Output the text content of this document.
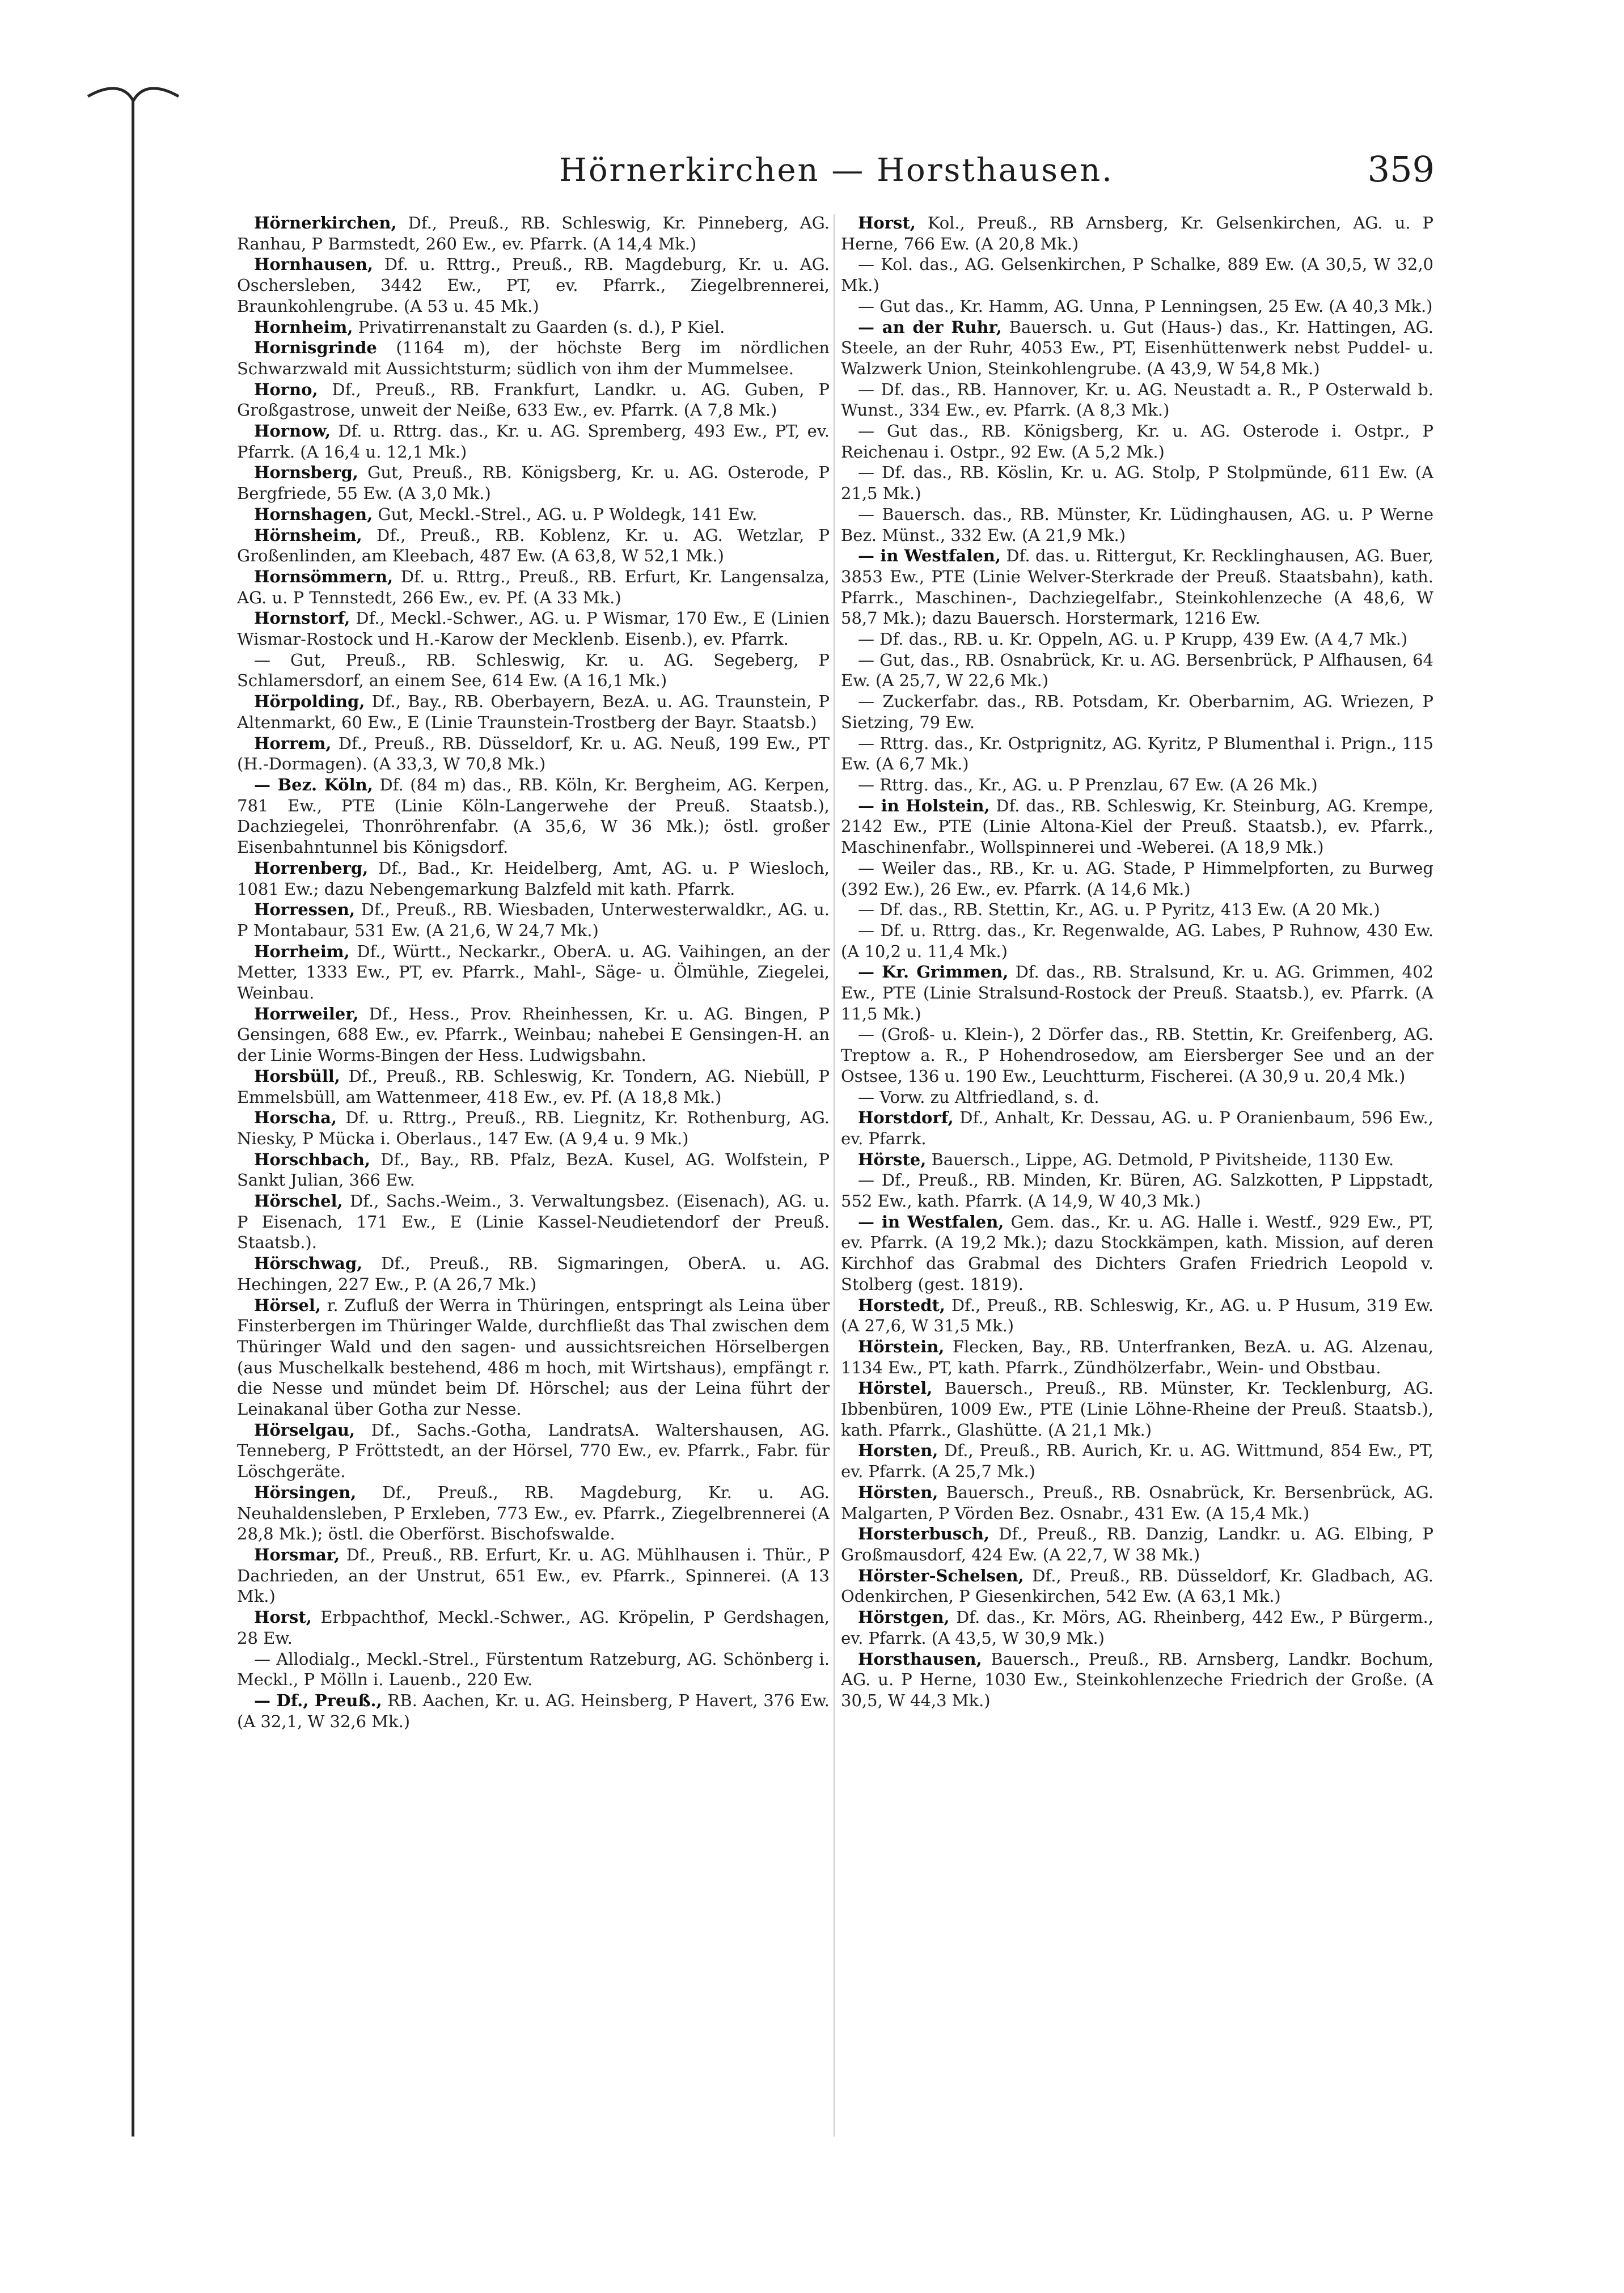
Hörnerkirchen — Horsthausen.	359

Hörnerkirchen, Df., Preuß., RB. Schleswig, Kr. Pinneberg, AG. Ranhau, P Barmstedt, 260 Ew., ev. Pfarrk. (A 14,4 Mk.)

Hornhausen, Df. u. Rttrg., Preuß., RB. Magdeburg, Kr. u. AG. Oschersleben, 3442 Ew., PT, ev. Pfarrk., Ziegelbrennerei, Braunkohlengrube. (A 53 u. 45 Mk.)

Hornheim, Privatirrenanstalt zu Gaarden (s. d.), P Kiel.

Hornisgrinde (1164 m), der höchste Berg im nördlichen Schwarzwald mit Aussichtsturm; südlich von ihm der Mummelsee.

Horno, Df., Preuß., RB. Frankfurt, Landkr. u. AG. Guben, P Großgastrose, unweit der Neiße, 633 Ew., ev. Pfarrk. (A 7,8 Mk.)

Hornow, Df. u. Rttrg. das., Kr. u. AG. Spremberg, 493 Ew., PT, ev. Pfarrk. (A 16,4 u. 12,1 Mk.)

Hornsberg, Gut, Preuß., RB. Königsberg, Kr. u. AG. Osterode, P Bergfriede, 55 Ew. (A 3,0 Mk.)

Hornshagen, Gut, Meckl.-Strel., AG. u. P Woldegk, 141 Ew.

Hörnsheim, Df., Preuß., RB. Koblenz, Kr. u. AG. Wetzlar, P Großenlinden, am Kleebach, 487 Ew. (A 63,8, W 52,1 Mk.)

Hornsömmern, Df. u. Rttrg., Preuß., RB. Erfurt, Kr. Langensalza, AG. u. P Tennstedt, 266 Ew., ev. Pf. (A 33 Mk.)

Hornstorf, Df., Meckl.-Schwer., AG. u. P Wismar, 170 Ew., E (Linien Wismar-Rostock und H.-Karow der Mecklenb. Eisenb.), ev. Pfarrk.

— Gut, Preuß., RB. Schleswig, Kr. u. AG. Segeberg, P Schlamersdorf, an einem See, 614 Ew. (A 16,1 Mk.)

Hörpolding, Df., Bay., RB. Oberbayern, BezA. u. AG. Traunstein, P Altenmarkt, 60 Ew., E (Linie Traunstein-Trostberg der Bayr. Staatsb.)

Horrem, Df., Preuß., RB. Düsseldorf, Kr. u. AG. Neuß, 199 Ew., PT (H.-Dormagen). (A 33,3, W 70,8 Mk.)

— Bez. Köln, Df. (84 m) das., RB. Köln, Kr. Bergheim, AG. Kerpen, 781 Ew., PTE (Linie Köln-Langerwehe der Preuß. Staatsb.), Dachziegelei, Thonröhrenfabr. (A 35,6, W 36 Mk.); östl. großer Eisenbahntunnel bis Königsdorf.

Horrenberg, Df., Bad., Kr. Heidelberg, Amt, AG. u. P Wiesloch, 1081 Ew.; dazu Nebengemarkung Balzfeld mit kath. Pfarrk.

Horressen, Df., Preuß., RB. Wiesbaden, Unterwesterwaldkr., AG. u. P Montabaur, 531 Ew. (A 21,6, W 24,7 Mk.)

Horrheim, Df., Württ., Neckarkr., OberA. u. AG. Vaihingen, an der Metter, 1333 Ew., PT, ev. Pfarrk., Mahl-, Säge- u. Ölmühle, Ziegelei, Weinbau.

Horrweiler, Df., Hess., Prov. Rheinhessen, Kr. u. AG. Bingen, P Gensingen, 688 Ew., ev. Pfarrk., Weinbau; nahebei E Gensingen-H. an der Linie Worms-Bingen der Hess. Ludwigsbahn.

Horsbüll, Df., Preuß., RB. Schleswig, Kr. Tondern, AG. Niebüll, P Emmelsbüll, am Wattenmeer, 418 Ew., ev. Pf. (A 18,8 Mk.)

Horscha, Df. u. Rttrg., Preuß., RB. Liegnitz, Kr. Rothenburg, AG. Niesky, P Mücka i. Oberlaus., 147 Ew. (A 9,4 u. 9 Mk.)

Horschbach, Df., Bay., RB. Pfalz, BezA. Kusel, AG. Wolfstein, P Sankt Julian, 366 Ew.

Hörschel, Df., Sachs.-Weim., 3. Verwaltungsbez. (Eisenach), AG. u. P Eisenach, 171 Ew., E (Linie Kassel-Neudietendorf der Preuß. Staatsb.).

Hörschwag, Df., Preuß., RB. Sigmaringen, OberA. u. AG. Hechingen, 227 Ew., P. (A 26,7 Mk.)

Hörsel, r. Zufluß der Werra in Thüringen, entspringt als Leina über Finsterbergen im Thüringer Walde, durchfließt das Thal zwischen dem Thüringer Wald und den sagen- und aussichtsreichen Hörselbergen (aus Muschelkalk bestehend, 486 m hoch, mit Wirtshaus), empfängt r. die Nesse und mündet beim Df. Hörschel; aus der Leina führt der Leinakanal über Gotha zur Nesse.

Hörselgau, Df., Sachs.-Gotha, LandratsA. Waltershausen, AG. Tenneberg, P Fröttstedt, an der Hörsel, 770 Ew., ev. Pfarrk., Fabr. für Löschgeräte.

Hörsingen, Df., Preuß., RB. Magdeburg, Kr. u. AG. Neuhaldensleben, P Erxleben, 773 Ew., ev. Pfarrk., Ziegelbrennerei (A 28,8 Mk.); östl. die Oberförst. Bischofswalde.

Horsmar, Df., Preuß., RB. Erfurt, Kr. u. AG. Mühlhausen i. Thür., P Dachrieden, an der Unstrut, 651 Ew., ev. Pfarrk., Spinnerei. (A 13 Mk.)

Horst, Erbpachthof, Meckl.-Schwer., AG. Kröpelin, P Gerdshagen, 28 Ew.

— Allodialg., Meckl.-Strel., Fürstentum Ratzeburg, AG. Schönberg i. Meckl., P Mölln i. Lauenb., 220 Ew.

— Df., Preuß., RB. Aachen, Kr. u. AG. Heinsberg, P Havert, 376 Ew. (A 32,1, W 32,6 Mk.)

Horst, Kol., Preuß., RB Arnsberg, Kr. Gelsenkirchen, AG. u. P Herne, 766 Ew. (A 20,8 Mk.)

— Kol. das., AG. Gelsenkirchen, P Schalke, 889 Ew. (A 30,5, W 32,0 Mk.)

— Gut das., Kr. Hamm, AG. Unna, P Lenningsen, 25 Ew. (A 40,3 Mk.)

— an der Ruhr, Bauersch. u. Gut (Haus-) das., Kr. Hattingen, AG. Steele, an der Ruhr, 4053 Ew., PT, Eisenhüttenwerk nebst Puddel- u. Walzwerk Union, Steinkohlengrube. (A 43,9, W 54,8 Mk.)

— Df. das., RB. Hannover, Kr. u. AG. Neustadt a. R., P Osterwald b. Wunst., 334 Ew., ev. Pfarrk. (A 8,3 Mk.)

— Gut das., RB. Königsberg, Kr. u. AG. Osterode i. Ostpr., P Reichenau i. Ostpr., 92 Ew. (A 5,2 Mk.)

— Df. das., RB. Köslin, Kr. u. AG. Stolp, P Stolpmünde, 611 Ew. (A 21,5 Mk.)

— Bauersch. das., RB. Münster, Kr. Lüdinghausen, AG. u. P Werne Bez. Münst., 332 Ew. (A 21,9 Mk.)

— in Westfalen, Df. das. u. Rittergut, Kr. Recklinghausen, AG. Buer, 3853 Ew., PTE (Linie Welver-Sterkrade der Preuß. Staatsbahn), kath. Pfarrk., Maschinen-, Dachziegelfabr., Steinkohlenzeche (A 48,6, W 58,7 Mk.); dazu Bauersch. Horstermark, 1216 Ew.

— Df. das., RB. u. Kr. Oppeln, AG. u. P Krupp, 439 Ew. (A 4,7 Mk.)

— Gut, das., RB. Osnabrück, Kr. u. AG. Bersenbrück, P Alfhausen, 64 Ew. (A 25,7, W 22,6 Mk.)

— Zuckerfabr. das., RB. Potsdam, Kr. Oberbarnim, AG. Wriezen, P Sietzing, 79 Ew.

— Rttrg. das., Kr. Ostprignitz, AG. Kyritz, P Blumenthal i. Prign., 115 Ew. (A 6,7 Mk.)

— Rttrg. das., Kr., AG. u. P Prenzlau, 67 Ew. (A 26 Mk.)

— in Holstein, Df. das., RB. Schleswig, Kr. Steinburg, AG. Krempe, 2142 Ew., PTE (Linie Altona-Kiel der Preuß. Staatsb.), ev. Pfarrk., Maschinenfabr., Wollspinnerei und -Weberei. (A 18,9 Mk.)

— Weiler das., RB., Kr. u. AG. Stade, P Himmelpforten, zu Burweg (392 Ew.), 26 Ew., ev. Pfarrk. (A 14,6 Mk.)

— Df. das., RB. Stettin, Kr., AG. u. P Pyritz, 413 Ew. (A 20 Mk.)

— Df. u. Rttrg. das., Kr. Regenwalde, AG. Labes, P Ruhnow, 430 Ew. (A 10,2 u. 11,4 Mk.)

— Kr. Grimmen, Df. das., RB. Stralsund, Kr. u. AG. Grimmen, 402 Ew., PTE (Linie Stralsund-Rostock der Preuß. Staatsb.), ev. Pfarrk. (A 11,5 Mk.)

— (Groß- u. Klein-), 2 Dörfer das., RB. Stettin, Kr. Greifenberg, AG. Treptow a. R., P Hohendrosedow, am Eiersberger See und an der Ostsee, 136 u. 190 Ew., Leuchtturm, Fischerei. (A 30,9 u. 20,4 Mk.)

— Vorw. zu Altfriedland, s. d.

Horstdorf, Df., Anhalt, Kr. Dessau, AG. u. P Oranienbaum, 596 Ew., ev. Pfarrk.

Hörste, Bauersch., Lippe, AG. Detmold, P Pivitsheide, 1130 Ew.

— Df., Preuß., RB. Minden, Kr. Büren, AG. Salzkotten, P Lippstadt, 552 Ew., kath. Pfarrk. (A 14,9, W 40,3 Mk.)

— in Westfalen, Gem. das., Kr. u. AG. Halle i. Westf., 929 Ew., PT, ev. Pfarrk. (A 19,2 Mk.); dazu Stockkämpen, kath. Mission, auf deren Kirchhof das Grabmal des Dichters Grafen Friedrich Leopold v. Stolberg (gest. 1819).

Horstedt, Df., Preuß., RB. Schleswig, Kr., AG. u. P Husum, 319 Ew. (A 27,6, W 31,5 Mk.)

Hörstein, Flecken, Bay., RB. Unterfranken, BezA. u. AG. Alzenau, 1134 Ew., PT, kath. Pfarrk., Zündhölzerfabr., Wein- und Obstbau.

Hörstel, Bauersch., Preuß., RB. Münster, Kr. Tecklenburg, AG. Ibbenbüren, 1009 Ew., PTE (Linie Löhne-Rheine der Preuß. Staatsb.), kath. Pfarrk., Glashütte. (A 21,1 Mk.)

Horsten, Df., Preuß., RB. Aurich, Kr. u. AG. Wittmund, 854 Ew., PT, ev. Pfarrk. (A 25,7 Mk.)

Hörsten, Bauersch., Preuß., RB. Osnabrück, Kr. Bersenbrück, AG. Malgarten, P Vörden Bez. Osnabr., 431 Ew. (A 15,4 Mk.)

Horsterbusch, Df., Preuß., RB. Danzig, Landkr. u. AG. Elbing, P Großmausdorf, 424 Ew. (A 22,7, W 38 Mk.)

Hörster-Schelsen, Df., Preuß., RB. Düsseldorf, Kr. Gladbach, AG. Odenkirchen, P Giesenkirchen, 542 Ew. (A 63,1 Mk.)

Hörstgen, Df. das., Kr. Mörs, AG. Rheinberg, 442 Ew., P Bürgerm., ev. Pfarrk. (A 43,5, W 30,9 Mk.)

Horsthausen, Bauersch., Preuß., RB. Arnsberg, Landkr. Bochum, AG. u. P Herne, 1030 Ew., Steinkohlenzeche Friedrich der Große. (A 30,5, W 44,3 Mk.)
